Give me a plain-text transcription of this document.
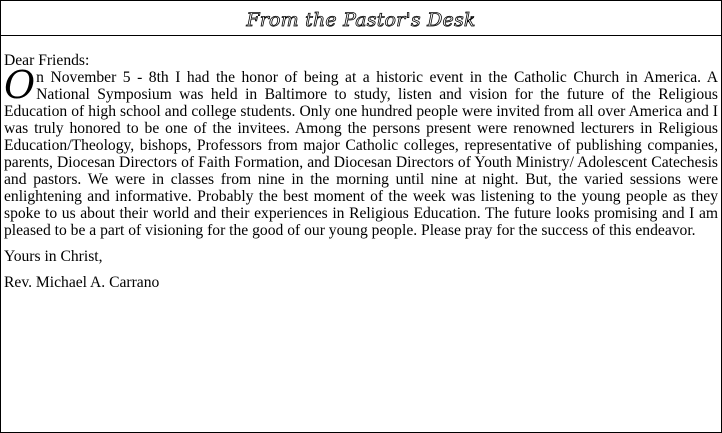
From the Pastor's Desk

Dear Friends:

On November 5 - 8th I had the honor of being at a historic event in the Catholic Church in America. A National Symposium was held in Baltimore to study, listen and vision for the future of the Religious Education of high school and college students. Only one hundred people were invited from all over America and I was truly honored to be one of the invitees. Among the persons present were renowned lecturers in Religious Education/Theology, bishops, Professors from major Catholic colleges, representative of publishing companies, parents, Diocesan Directors of Faith Formation, and Diocesan Directors of Youth Ministry/ Adolescent Catechesis and pastors. We were in classes from nine in the morning until nine at night. But, the varied sessions were enlightening and informative. Probably the best moment of the week was listening to the young people as they spoke to us about their world and their experiences in Religious Education. The future looks promising and I am pleased to be a part of visioning for the good of our young people. Please pray for the success of this endeavor.

Yours in Christ,

Rev. Michael A. Carrano
